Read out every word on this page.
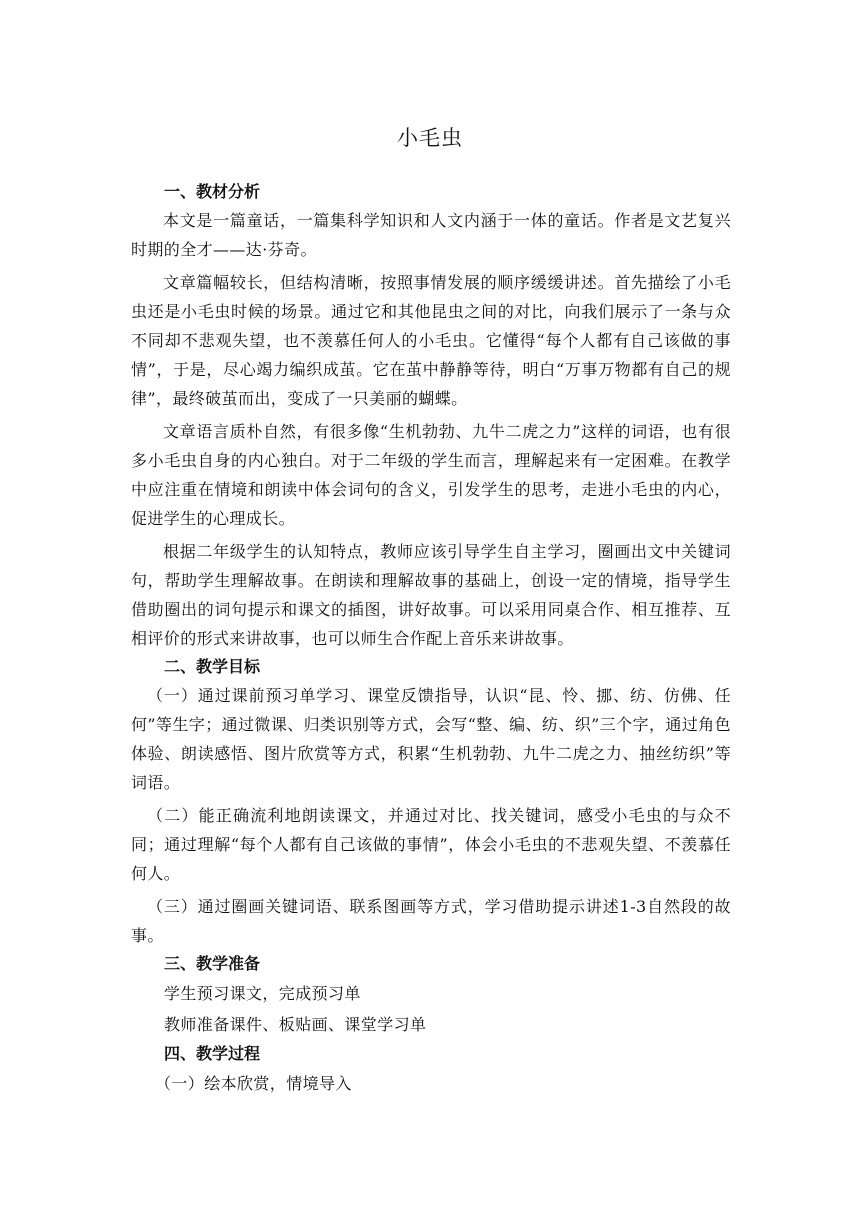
小毛虫
一、教材分析

本文是一篇童话，一篇集科学知识和人文内涵于一体的童话。作者是文艺复兴时期的全才——达·芬奇。

文章篇幅较长，但结构清晰，按照事情发展的顺序缓缓讲述。首先描绘了小毛虫还是小毛虫时候的场景。通过它和其他昆虫之间的对比，向我们展示了一条与众不同却不悲观失望，也不羡慕任何人的小毛虫。它懂得“每个人都有自己该做的事情”，于是，尽心竭力编织成茧。它在茧中静静等待，明白“万事万物都有自己的规律”，最终破茧而出，变成了一只美丽的蝴蝶。

文章语言质朴自然，有很多像“生机勃勃、九牛二虎之力”这样的词语，也有很多小毛虫自身的内心独白。对于二年级的学生而言，理解起来有一定困难。在教学中应注重在情境和朗读中体会词句的含义，引发学生的思考，走进小毛虫的内心，促进学生的心理成长。

根据二年级学生的认知特点，教师应该引导学生自主学习，圈画出文中关键词句，帮助学生理解故事。在朗读和理解故事的基础上，创设一定的情境，指导学生借助圈出的词句提示和课文的插图，讲好故事。可以采用同桌合作、相互推荐、互相评价的形式来讲故事，也可以师生合作配上音乐来讲故事。

二、教学目标

（一）通过课前预习单学习、课堂反馈指导，认识“昆、怜、挪、纺、仿佛、任何”等生字；通过微课、归类识别等方式，会写“整、编、纺、织”三个字，通过角色体验、朗读感悟、图片欣赏等方式，积累“生机勃勃、九牛二虎之力、抽丝纺织”等词语。

（二）能正确流利地朗读课文，并通过对比、找关键词，感受小毛虫的与众不同；通过理解“每个人都有自己该做的事情”，体会小毛虫的不悲观失望、不羡慕任何人。

（三）通过圈画关键词语、联系图画等方式，学习借助提示讲述1-3自然段的故事。

三、教学准备

学生预习课文，完成预习单

教师准备课件、板贴画、课堂学习单

四、教学过程

（一）绘本欣赏，情境导入
